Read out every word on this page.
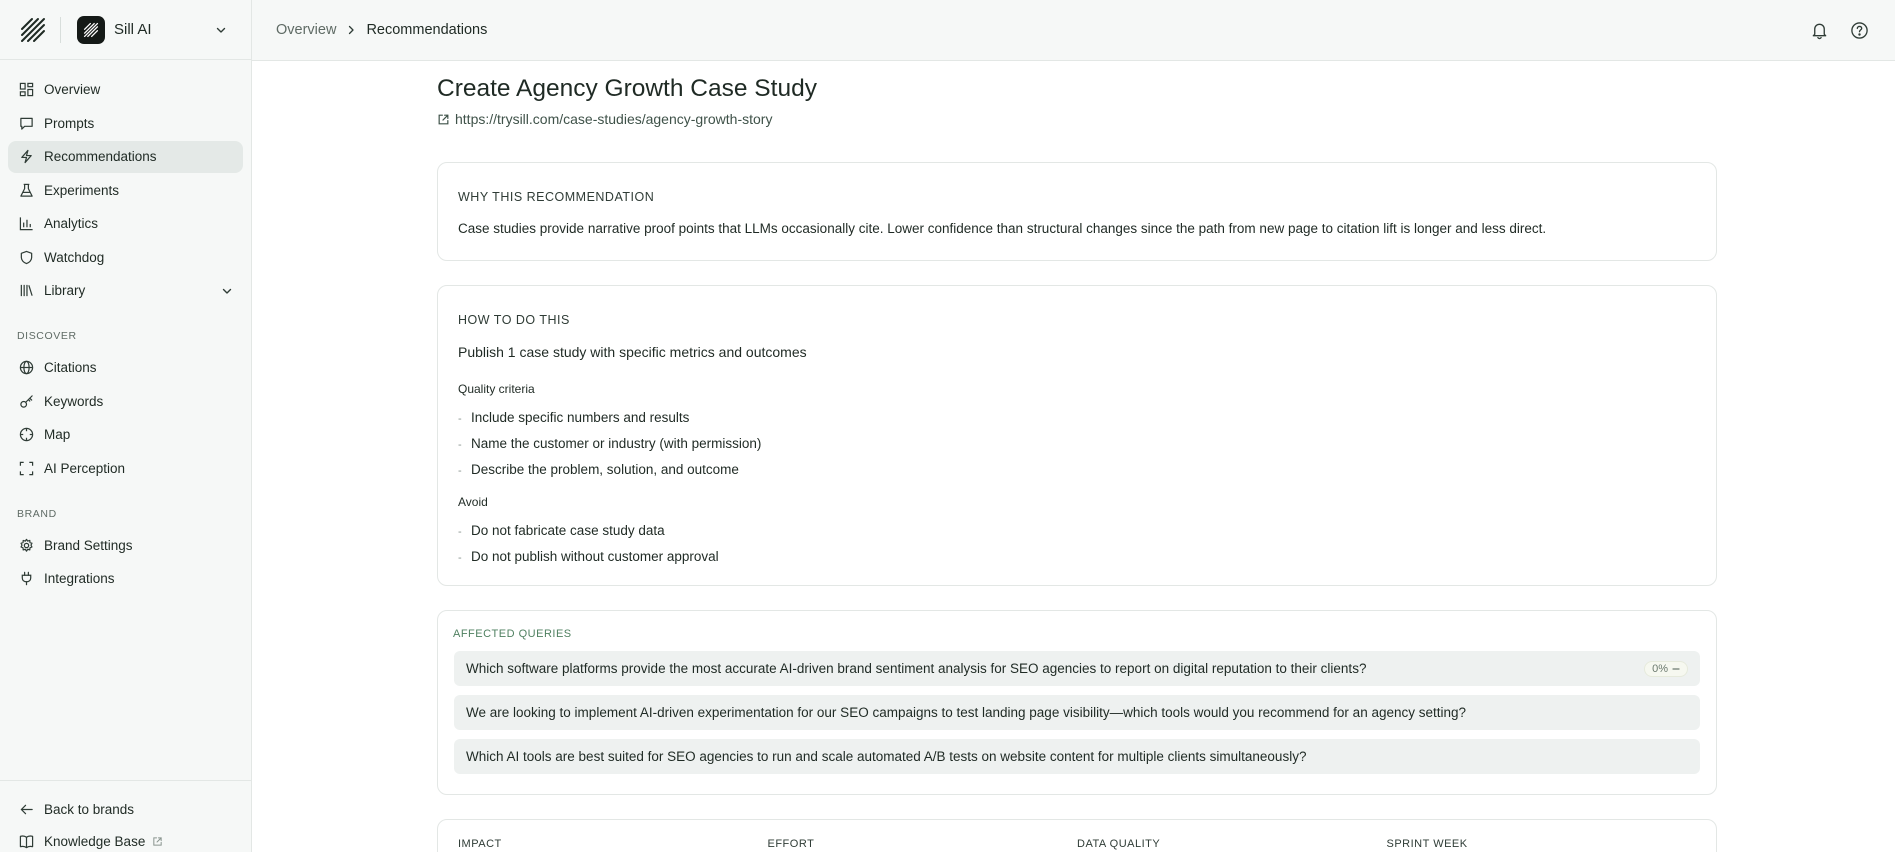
Sill AI
Overview
Prompts
Recommendations
Experiments
Analytics
Watchdog
Library
DISCOVER
Citations
Keywords
Map
AI Perception
BRAND
Brand Settings
Integrations
Back to brands
Knowledge Base
Overview Recommendations
Create Agency Growth Case Study
https://trysill.com/case-studies/agency-growth-story
WHY THIS RECOMMENDATION

Case studies provide narrative proof points that LLMs occasionally cite. Lower confidence than structural changes since the path from new page to citation lift is longer and less direct.

HOW TO DO THIS

Publish 1 case study with specific metrics and outcomes

Quality criteria
- Include specific numbers and results
- Name the customer or industry (with permission)
- Describe the problem, solution, and outcome
Avoid
- Do not fabricate case study data
- Do not publish without customer approval
AFFECTED QUERIES
Which software platforms provide the most accurate AI-driven brand sentiment analysis for SEO agencies to report on digital reputation to their clients?	0%
We are looking to implement AI-driven experimentation for our SEO campaigns to test landing page visibility—which tools would you recommend for an agency setting?
Which AI tools are best suited for SEO agencies to run and scale automated A/B tests on website content for multiple clients simultaneously?
IMPACT	EFFORT	DATA QUALITY	SPRINT WEEK
